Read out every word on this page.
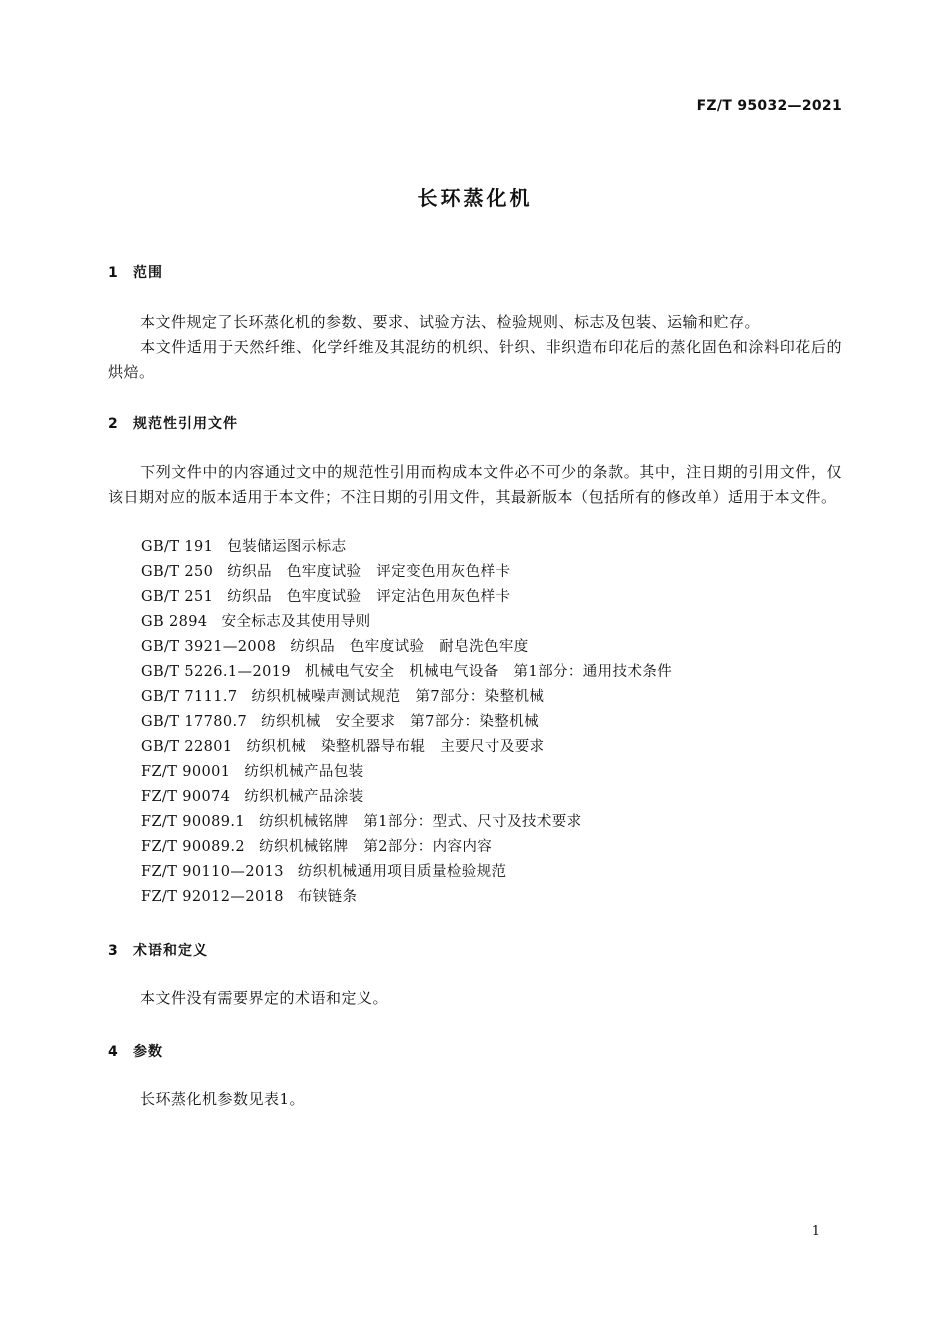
FZ/T 95032—2021
长环蒸化机
1 范围
本文件规定了长环蒸化机的参数、要求、试验方法、检验规则、标志及包装、运输和贮存。
本文件适用于天然纤维、化学纤维及其混纺的机织、针织、非织造布印花后的蒸化固色和涂料印花后的烘焙。
2 规范性引用文件
下列文件中的内容通过文中的规范性引用而构成本文件必不可少的条款。其中，注日期的引用文件，仅该日期对应的版本适用于本文件；不注日期的引用文件，其最新版本（包括所有的修改单）适用于本文件。
GB/T 191 包装储运图示标志
GB/T 250 纺织品　色牢度试验　评定变色用灰色样卡
GB/T 251 纺织品　色牢度试验　评定沾色用灰色样卡
GB 2894 安全标志及其使用导则
GB/T 3921—2008 纺织品　色牢度试验　耐皂洗色牢度
GB/T 5226.1—2019 机械电气安全　机械电气设备　第1部分：通用技术条件
GB/T 7111.7 纺织机械噪声测试规范　第7部分：染整机械
GB/T 17780.7 纺织机械　安全要求　第7部分：染整机械
GB/T 22801 纺织机械　染整机器导布辊　主要尺寸及要求
FZ/T 90001 纺织机械产品包装
FZ/T 90074 纺织机械产品涂装
FZ/T 90089.1 纺织机械铭牌　第1部分：型式、尺寸及技术要求
FZ/T 90089.2 纺织机械铭牌　第2部分：内容内容
FZ/T 90110—2013 纺织机械通用项目质量检验规范
FZ/T 92012—2018 布铗链条
3 术语和定义
本文件没有需要界定的术语和定义。
4 参数
长环蒸化机参数见表1。
1
